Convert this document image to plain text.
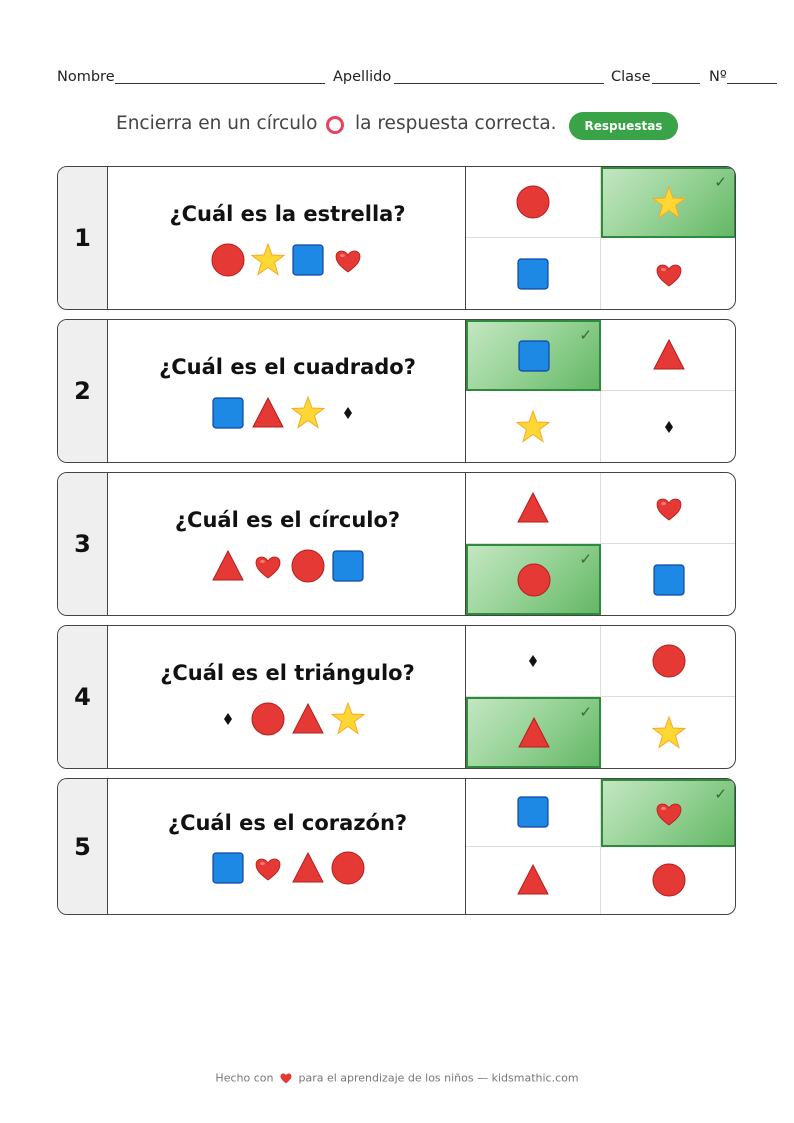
Nombre	Apellido	Clase	Nº
Encierra en un círculo la respuesta correcta.	Respuestas
1
¿Cuál es la estrella?
✓
2
¿Cuál es el cuadrado?
✓
3
¿Cuál es el círculo?
✓
4
¿Cuál es el triángulo?
✓
5
¿Cuál es el corazón?
✓
Hecho con para el aprendizaje de los niños — kidsmathic.com
